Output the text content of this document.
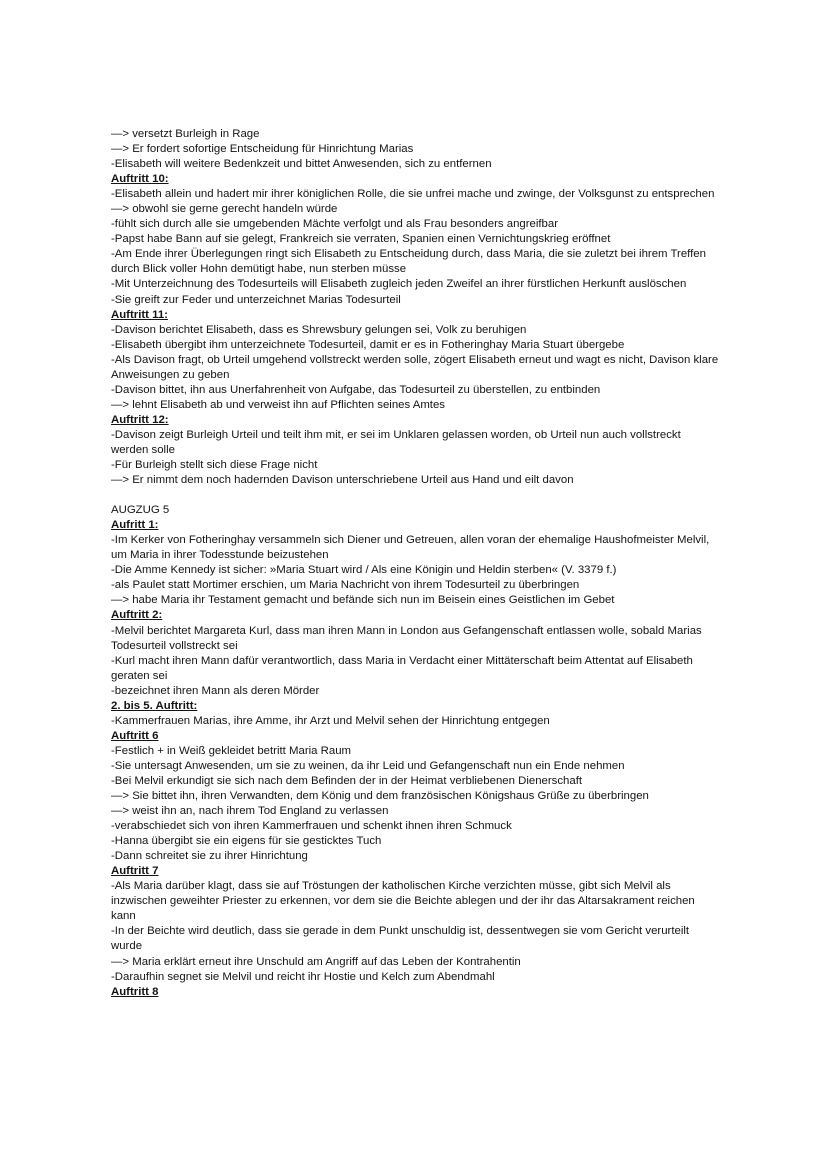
—> versetzt Burleigh in Rage
—> Er fordert sofortige Entscheidung für Hinrichtung Marias
-Elisabeth will weitere Bedenkzeit und bittet Anwesenden, sich zu entfernen
Auftritt 10:
-Elisabeth allein und hadert mir ihrer königlichen Rolle, die sie unfrei mache und zwinge, der Volksgunst zu entsprechen
—> obwohl sie gerne gerecht handeln würde
-fühlt sich durch alle sie umgebenden Mächte verfolgt und als Frau besonders angreifbar
-Papst habe Bann auf sie gelegt, Frankreich sie verraten, Spanien einen Vernichtungskrieg eröffnet
-Am Ende ihrer Überlegungen ringt sich Elisabeth zu Entscheidung durch, dass Maria, die sie zuletzt bei ihrem Treffen durch Blick voller Hohn demütigt habe, nun sterben müsse
-Mit Unterzeichnung des Todesurteils will Elisabeth zugleich jeden Zweifel an ihrer fürstlichen Herkunft auslöschen
-Sie greift zur Feder und unterzeichnet Marias Todesurteil
Auftritt 11:
-Davison berichtet Elisabeth, dass es Shrewsbury gelungen sei, Volk zu beruhigen
-Elisabeth übergibt ihm unterzeichnete Todesurteil, damit er es in Fotheringhay Maria Stuart übergebe
-Als Davison fragt, ob Urteil umgehend vollstreckt werden solle, zögert Elisabeth erneut und wagt es nicht, Davison klare Anweisungen zu geben
-Davison bittet, ihn aus Unerfahrenheit von Aufgabe, das Todesurteil zu überstellen, zu entbinden
—> lehnt Elisabeth ab und verweist ihn auf Pflichten seines Amtes
Auftritt 12:
-Davison zeigt Burleigh Urteil und teilt ihm mit, er sei im Unklaren gelassen worden, ob Urteil nun auch vollstreckt werden solle
-Für Burleigh stellt sich diese Frage nicht
—> Er nimmt dem noch hadernden Davison unterschriebene Urteil aus Hand und eilt davon
AUGZUG 5
Aufritt 1:
-Im Kerker von Fotheringhay versammeln sich Diener und Getreuen, allen voran der ehemalige Haushofmeister Melvil, um Maria in ihrer Todesstunde beizustehen
-Die Amme Kennedy ist sicher: »Maria Stuart wird / Als eine Königin und Heldin sterben« (V. 3379 f.)
-als Paulet statt Mortimer erschien, um Maria Nachricht von ihrem Todesurteil zu überbringen
—> habe Maria ihr Testament gemacht und befände sich nun im Beisein eines Geistlichen im Gebet
Auftritt 2:
-Melvil berichtet Margareta Kurl, dass man ihren Mann in London aus Gefangenschaft entlassen wolle, sobald Marias Todesurteil vollstreckt sei
-Kurl macht ihren Mann dafür verantwortlich, dass Maria in Verdacht einer Mittäterschaft beim Attentat auf Elisabeth geraten sei
-bezeichnet ihren Mann als deren Mörder
2. bis 5. Auftritt:
-Kammerfrauen Marias, ihre Amme, ihr Arzt und Melvil sehen der Hinrichtung entgegen
Auftritt 6
-Festlich + in Weiß gekleidet betritt Maria Raum
-Sie untersagt Anwesenden, um sie zu weinen, da ihr Leid und Gefangenschaft nun ein Ende nehmen
-Bei Melvil erkundigt sie sich nach dem Befinden der in der Heimat verbliebenen Dienerschaft
—> Sie bittet ihn, ihren Verwandten, dem König und dem französischen Königshaus Grüße zu überbringen
—> weist ihn an, nach ihrem Tod England zu verlassen
-verabschiedet sich von ihren Kammerfrauen und schenkt ihnen ihren Schmuck
-Hanna übergibt sie ein eigens für sie gesticktes Tuch
-Dann schreitet sie zu ihrer Hinrichtung
Auftritt 7
-Als Maria darüber klagt, dass sie auf Tröstungen der katholischen Kirche verzichten müsse, gibt sich Melvil als inzwischen geweihter Priester zu erkennen, vor dem sie die Beichte ablegen und der ihr das Altarsakrament reichen kann
-In der Beichte wird deutlich, dass sie gerade in dem Punkt unschuldig ist, dessentwegen sie vom Gericht verurteilt wurde
—> Maria erklärt erneut ihre Unschuld am Angriff auf das Leben der Kontrahentin
-Daraufhin segnet sie Melvil und reicht ihr Hostie und Kelch zum Abendmahl
Auftritt 8
